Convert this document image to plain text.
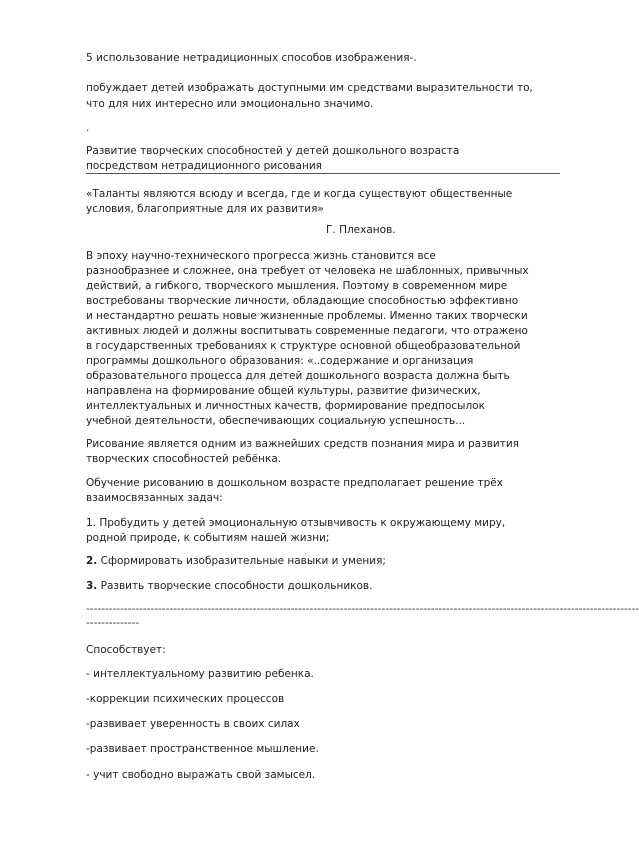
5 использование нетрадиционных способов изображения-.

побуждает детей изображать доступными им средствами выразительности то,

что для них интересно или эмоционально значимо.

.

Развитие творческих способностей у детей дошкольного возраста

посредством нетрадиционного рисования

«Таланты являются всюду и всегда, где и когда существуют общественные

условия, благоприятные для их развития»

Г. Плеханов.

В эпоху научно-технического прогресса жизнь становится все

разнообразнее и сложнее, она требует от человека не шаблонных, привычных

действий, а гибкого, творческого мышления. Поэтому в современном мире

востребованы творческие личности, обладающие способностью эффективно

и нестандартно решать новые жизненные проблемы. Именно таких творчески

активных людей и должны воспитывать современные педагоги, что отражено

в государственных требованиях к структуре основной общеобразовательной

программы дошкольного образования: «..содержание и организация

образовательного процесса для детей дошкольного возраста должна быть

направлена на формирование общей культуры, развитие физических,

интеллектуальных и личностных качеств, формирование предпосылок

учебной деятельности, обеспечивающих социальную успешность...

Рисование является одним из важнейших средств познания мира и развития

творческих способностей ребёнка.

Обучение рисованию в дошкольном возрасте предполагает решение трёх

взаимосвязанных задач:

1. Пробудить у детей эмоциональную отзывчивость к окружающему миру,

родной природе, к событиям нашей жизни;

2. Сформировать изобразительные навыки и умения;

3. Развить творческие способности дошкольников.

--------------------------------------------------------------------------------------------------------------------------------------------------
--------------

Способствует:

- интеллектуальному развитию ребенка.

-коррекции психических процессов

-развивает уверенность в своих силах

-развивает пространственное мышление.

- учит свободно выражать свой замысел.
